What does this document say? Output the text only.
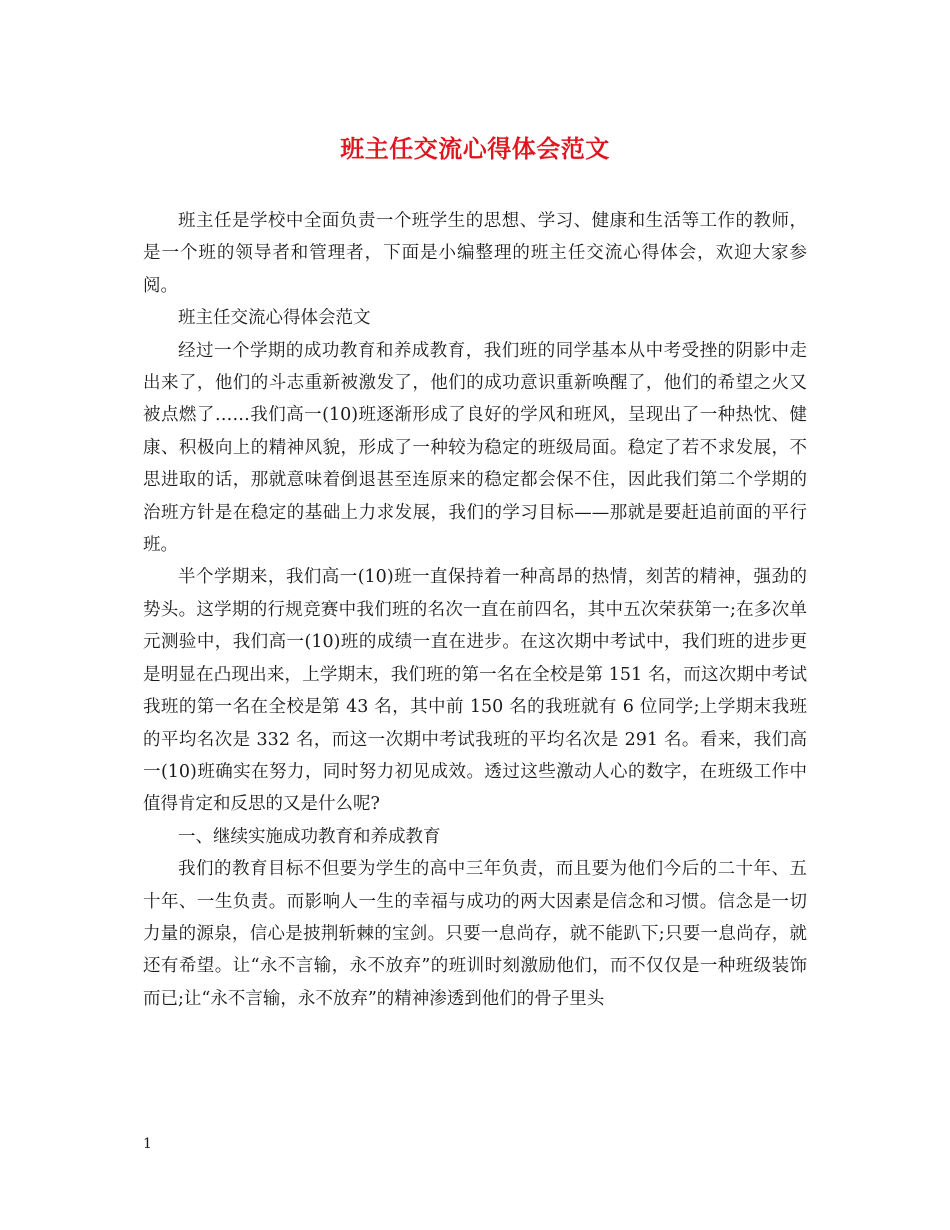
班主任交流心得体会范文

班主任是学校中全面负责一个班学生的思想、学习、健康和生活等工作的教师，是一个班的领导者和管理者，下面是小编整理的班主任交流心得体会，欢迎大家参阅。

班主任交流心得体会范文

经过一个学期的成功教育和养成教育，我们班的同学基本从中考受挫的阴影中走出来了，他们的斗志重新被激发了，他们的成功意识重新唤醒了，他们的希望之火又被点燃了……我们高一(10)班逐渐形成了良好的学风和班风，呈现出了一种热忱、健康、积极向上的精神风貌，形成了一种较为稳定的班级局面。稳定了若不求发展，不思进取的话，那就意味着倒退甚至连原来的稳定都会保不住，因此我们第二个学期的治班方针是在稳定的基础上力求发展，我们的学习目标——那就是要赶追前面的平行班。

半个学期来，我们高一(10)班一直保持着一种高昂的热情，刻苦的精神，强劲的势头。这学期的行规竞赛中我们班的名次一直在前四名，其中五次荣获第一;在多次单元测验中，我们高一(10)班的成绩一直在进步。在这次期中考试中，我们班的进步更是明显在凸现出来，上学期末，我们班的第一名在全校是第 151 名，而这次期中考试我班的第一名在全校是第 43 名，其中前 150 名的我班就有 6 位同学;上学期末我班的平均名次是 332 名，而这一次期中考试我班的平均名次是 291 名。看来，我们高一(10)班确实在努力，同时努力初见成效。透过这些激动人心的数字，在班级工作中值得肯定和反思的又是什么呢?

一、继续实施成功教育和养成教育

我们的教育目标不但要为学生的高中三年负责，而且要为他们今后的二十年、五十年、一生负责。而影响人一生的幸福与成功的两大因素是信念和习惯。信念是一切力量的源泉，信心是披荆斩棘的宝剑。只要一息尚存，就不能趴下;只要一息尚存，就还有希望。让“永不言输，永不放弃”的班训时刻激励他们，而不仅仅是一种班级装饰而已;让“永不言输，永不放弃”的精神渗透到他们的骨子里头

1
